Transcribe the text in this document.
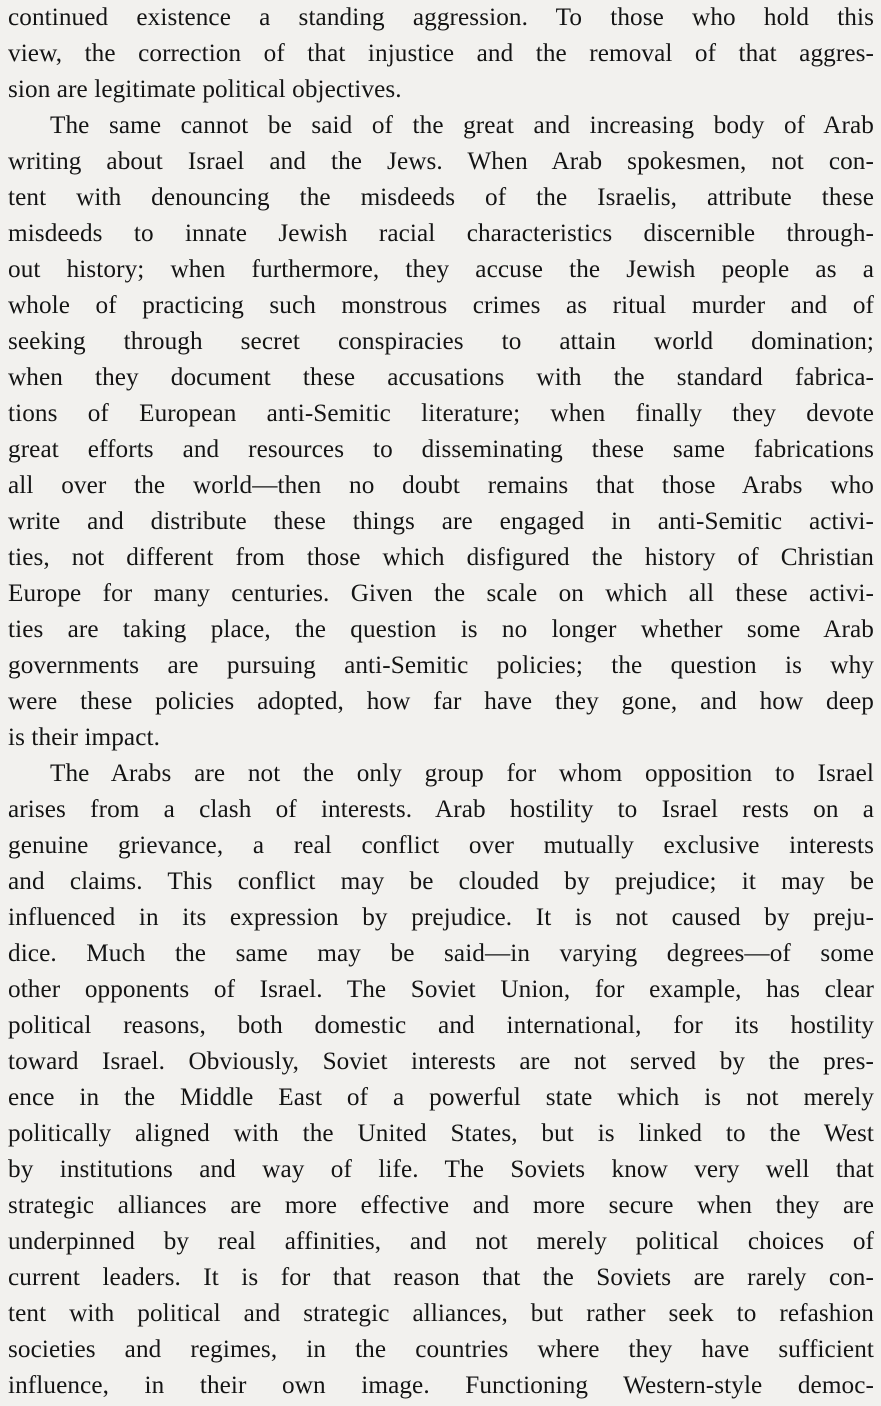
continued existence a standing aggression. To those who hold this
view, the correction of that injustice and the removal of that aggres-
sion are legitimate political objectives.
The same cannot be said of the great and increasing body of Arab
writing about Israel and the Jews. When Arab spokesmen, not con-
tent with denouncing the misdeeds of the Israelis, attribute these
misdeeds to innate Jewish racial characteristics discernible through-
out history; when furthermore, they accuse the Jewish people as a
whole of practicing such monstrous crimes as ritual murder and of
seeking through secret conspiracies to attain world domination;
when they document these accusations with the standard fabrica-
tions of European anti-Semitic literature; when finally they devote
great efforts and resources to disseminating these same fabrications
all over the world—then no doubt remains that those Arabs who
write and distribute these things are engaged in anti-Semitic activi-
ties, not different from those which disfigured the history of Christian
Europe for many centuries. Given the scale on which all these activi-
ties are taking place, the question is no longer whether some Arab
governments are pursuing anti-Semitic policies; the question is why
were these policies adopted, how far have they gone, and how deep
is their impact.
The Arabs are not the only group for whom opposition to Israel
arises from a clash of interests. Arab hostility to Israel rests on a
genuine grievance, a real conflict over mutually exclusive interests
and claims. This conflict may be clouded by prejudice; it may be
influenced in its expression by prejudice. It is not caused by preju-
dice. Much the same may be said—in varying degrees—of some
other opponents of Israel. The Soviet Union, for example, has clear
political reasons, both domestic and international, for its hostility
toward Israel. Obviously, Soviet interests are not served by the pres-
ence in the Middle East of a powerful state which is not merely
politically aligned with the United States, but is linked to the West
by institutions and way of life. The Soviets know very well that
strategic alliances are more effective and more secure when they are
underpinned by real affinities, and not merely political choices of
current leaders. It is for that reason that the Soviets are rarely con-
tent with political and strategic alliances, but rather seek to refashion
societies and regimes, in the countries where they have sufficient
influence, in their own image. Functioning Western-style democ-
